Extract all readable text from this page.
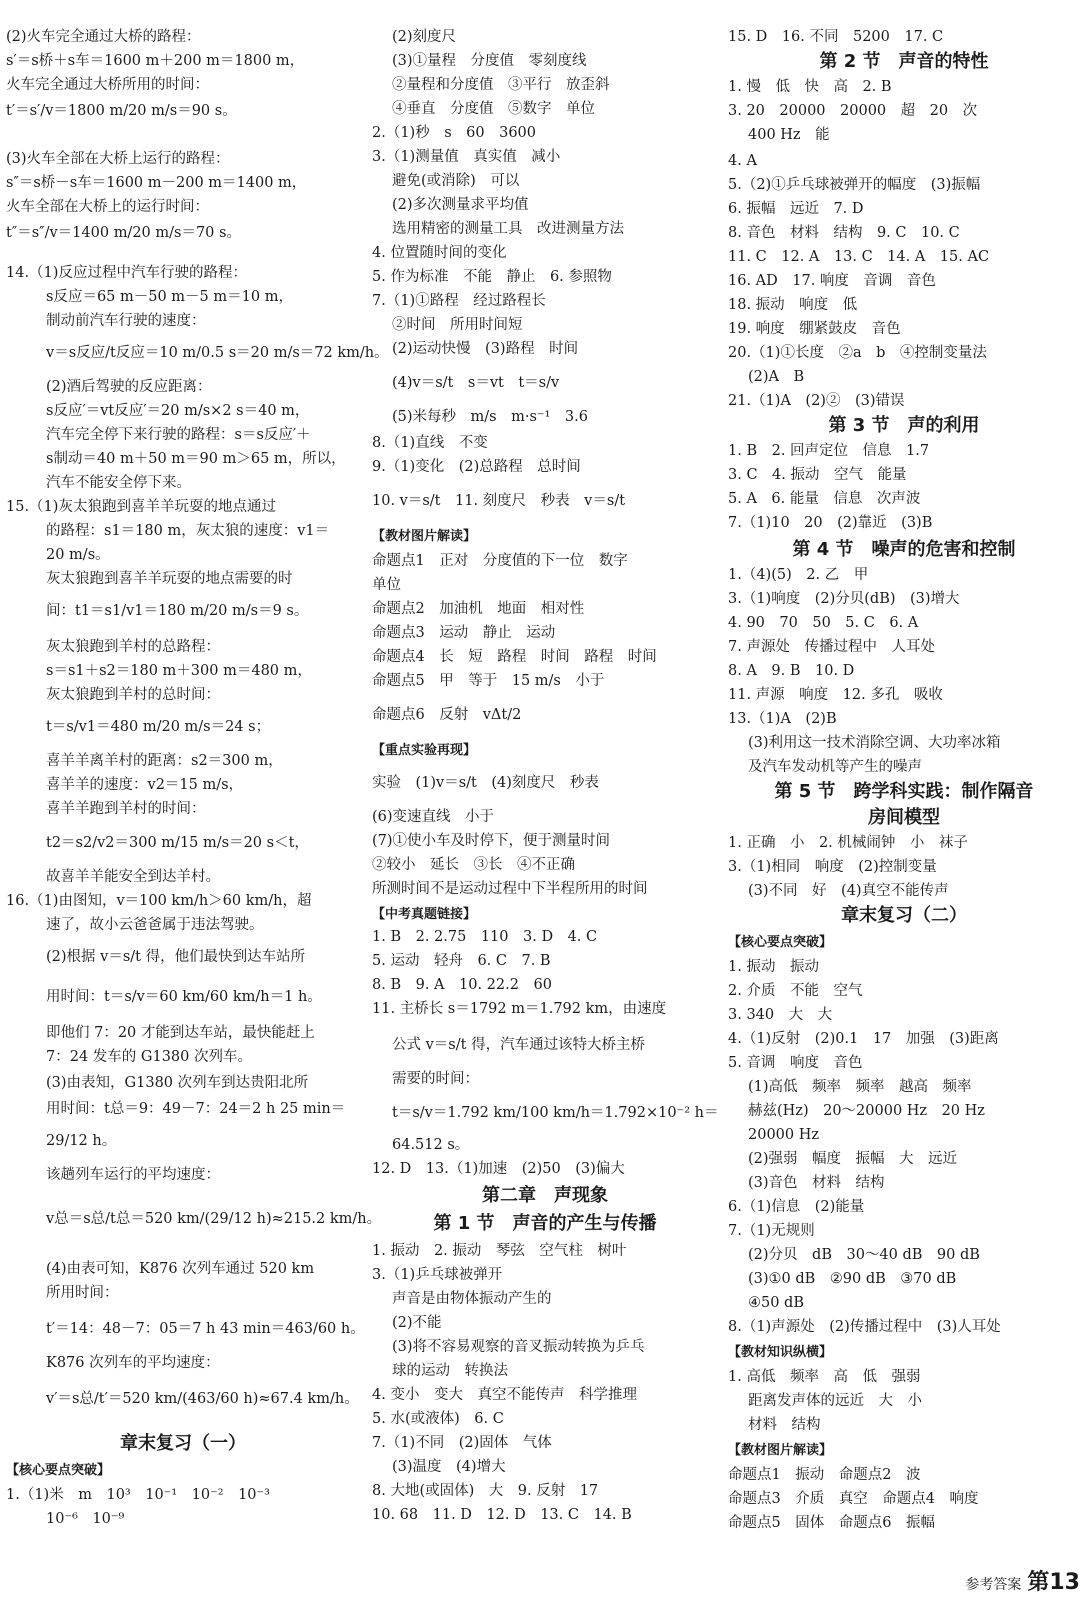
(2)火车完全通过大桥的路程：
s′＝s桥＋s车＝1600 m＋200 m＝1800 m，
火车完全通过大桥所用的时间：
t′＝s′/v＝1800 m/20 m/s＝90 s。
(3)火车全部在大桥上运行的路程：
s″＝s桥－s车＝1600 m－200 m＝1400 m，
火车全部在大桥上的运行时间：
t″＝s″/v＝1400 m/20 m/s＝70 s。
14.（1)反应过程中汽车行驶的路程：
s反应＝65 m－50 m－5 m＝10 m，
制动前汽车行驶的速度：
v＝s反应/t反应＝10 m/0.5 s＝20 m/s＝72 km/h。
(2)酒后驾驶的反应距离：
s反应′＝vt反应′＝20 m/s×2 s＝40 m，
汽车完全停下来行驶的路程：s＝s反应′＋
s制动＝40 m＋50 m＝90 m＞65 m，所以，
汽车不能安全停下来。
15.（1)灰太狼跑到喜羊羊玩耍的地点通过
的路程：s1＝180 m，灰太狼的速度：v1＝
20 m/s。
灰太狼跑到喜羊羊玩耍的地点需要的时
间：t1＝s1/v1＝180 m/20 m/s＝9 s。
灰太狼跑到羊村的总路程：
s＝s1＋s2＝180 m＋300 m＝480 m，
灰太狼跑到羊村的总时间：
t＝s/v1＝480 m/20 m/s＝24 s；
喜羊羊离羊村的距离：s2＝300 m，
喜羊羊的速度：v2＝15 m/s，
喜羊羊跑到羊村的时间：
t2＝s2/v2＝300 m/15 m/s＝20 s＜t，
故喜羊羊能安全到达羊村。
16.（1)由图知，v＝100 km/h＞60 km/h，超
速了，故小云爸爸属于违法驾驶。
(2)根据 v＝s/t 得，他们最快到达车站所
用时间：t＝s/v＝60 km/60 km/h＝1 h。
即他们 7：20 才能到达车站，最快能赶上
7：24 发车的 G1380 次列车。
(3)由表知，G1380 次列车到达贵阳北所
用时间：t总＝9：49－7：24＝2 h 25 min＝
29/12 h。
该趟列车运行的平均速度：
v总＝s总/t总＝520 km/(29/12 h)≈215.2 km/h。
(4)由表可知，K876 次列车通过 520 km
所用时间：
t′＝14：48－7：05＝7 h 43 min＝463/60 h。
K876 次列车的平均速度：
v′＝s总/t′＝520 km/(463/60 h)≈67.4 km/h。
章末复习（一）
【核心要点突破】
1.（1)米　m　10³　10⁻¹　10⁻²　10⁻³
10⁻⁶　10⁻⁹
(2)刻度尺
(3)①量程　分度值　零刻度线
②量程和分度值　③平行　放歪斜
④垂直　分度值　⑤数字　单位
2.（1)秒　s　60　3600
3.（1)测量值　真实值　减小
避免(或消除)　可以
(2)多次测量求平均值
选用精密的测量工具　改进测量方法
4. 位置随时间的变化
5. 作为标准　不能　静止　6. 参照物
7.（1)①路程　经过路程长
②时间　所用时间短
(2)运动快慢　(3)路程　时间
(4)v＝s/t　s＝vt　t＝s/v
(5)米每秒　m/s　m·s⁻¹　3.6
8.（1)直线　不变
9.（1)变化　(2)总路程　总时间
10. v＝s/t　11. 刻度尺　秒表　v＝s/t
【教材图片解读】
命题点1　正对　分度值的下一位　数字
单位
命题点2　加油机　地面　相对性
命题点3　运动　静止　运动
命题点4　长　短　路程　时间　路程　时间
命题点5　甲　等于　15 m/s　小于
命题点6　反射　vΔt/2
【重点实验再现】
实验　(1)v＝s/t　(4)刻度尺　秒表
(6)变速直线　小于
(7)①使小车及时停下，便于测量时间
②较小　延长　③长　④不正确
所测时间不是运动过程中下半程所用的时间
【中考真题链接】
1. B　2. 2.75　110　3. D　4. C
5. 运动　轻舟　6. C　7. B
8. B　9. A　10. 22.2　60
11. 主桥长 s＝1792 m＝1.792 km，由速度
公式 v＝s/t 得，汽车通过该特大桥主桥
需要的时间：
t＝s/v＝1.792 km/100 km/h＝1.792×10⁻² h＝
64.512 s。
12. D　13.（1)加速　(2)50　(3)偏大
第二章　声现象
第 1 节　声音的产生与传播
1. 振动　2. 振动　琴弦　空气柱　树叶
3.（1)乒乓球被弹开
声音是由物体振动产生的
(2)不能
(3)将不容易观察的音叉振动转换为乒乓
球的运动　转换法
4. 变小　变大　真空不能传声　科学推理
5. 水(或液体)　6. C
7.（1)不同　(2)固体　气体
(3)温度　(4)增大
8. 大地(或固体)　大　9. 反射　17
10. 68　11. D　12. D　13. C　14. B
15. D　16. 不同　5200　17. C
第 2 节　声音的特性
1. 慢　低　快　高　2. B
3. 20　20000　20000　超　20　次
400 Hz　能
4. A
5.（2)①乒乓球被弹开的幅度　(3)振幅
6. 振幅　远近　7. D
8. 音色　材料　结构　9. C　10. C
11. C　12. A　13. C　14. A　15. AC
16. AD　17. 响度　音调　音色
18. 振动　响度　低
19. 响度　绷紧鼓皮　音色
20.（1)①长度　②a　b　④控制变量法
(2)A　B
21.（1)A　(2)②　(3)错误
第 3 节　声的利用
1. B　2. 回声定位　信息　1.7
3. C　4. 振动　空气　能量
5. A　6. 能量　信息　次声波
7.（1)10　20　(2)靠近　(3)B
第 4 节　噪声的危害和控制
1.（4)(5)　2. 乙　甲
3.（1)响度　(2)分贝(dB)　(3)增大
4. 90　70　50　5. C　6. A
7. 声源处　传播过程中　人耳处
8. A　9. B　10. D
11. 声源　响度　12. 多孔　吸收
13.（1)A　(2)B
(3)利用这一技术消除空调、大功率冰箱
及汽车发动机等产生的噪声
第 5 节　跨学科实践：制作隔音
房间模型
1. 正确　小　2. 机械闹钟　小　袜子
3.（1)相同　响度　(2)控制变量
(3)不同　好　(4)真空不能传声
章末复习（二）
【核心要点突破】
1. 振动　振动
2. 介质　不能　空气
3. 340　大　大
4.（1)反射　(2)0.1　17　加强　(3)距离
5. 音调　响度　音色
(1)高低　频率　频率　越高　频率
赫兹(Hz)　20～20000 Hz　20 Hz
20000 Hz
(2)强弱　幅度　振幅　大　远近
(3)音色　材料　结构
6.（1)信息　(2)能量
7.（1)无规则
(2)分贝　dB　30～40 dB　90 dB
(3)①0 dB　②90 dB　③70 dB
④50 dB
8.（1)声源处　(2)传播过程中　(3)人耳处
【教材知识纵横】
1. 高低　频率　高　低　强弱
距离发声体的远近　大　小
材料　结构
【教材图片解读】
命题点1　振动　命题点2　波
命题点3　介质　真空　命题点4　响度
命题点5　固体　命题点6　振幅
参考答案 第13
